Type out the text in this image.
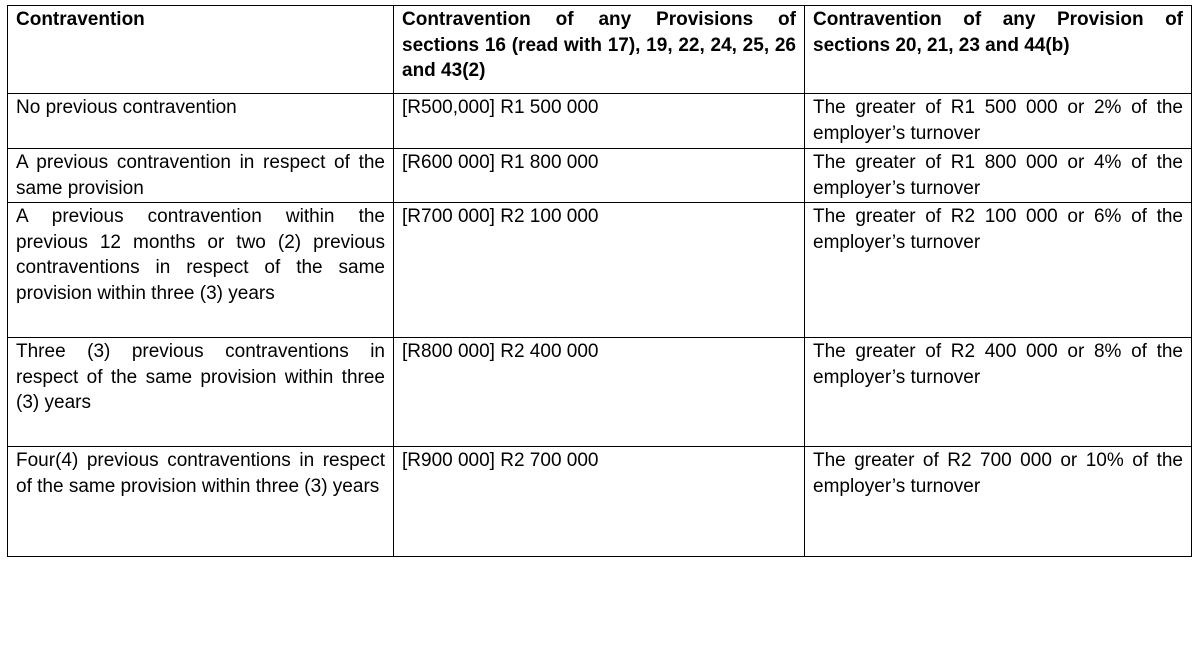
Contravention	Contravention of any Provisions of sections 16 (read with 17), 19, 22, 24, 25, 26 and 43(2)	Contravention of any Provision of sections 20, 21, 23 and 44(b)
No previous contravention	[R500,000] R1 500 000	The greater of R1 500 000 or 2% of the employer’s turnover
A previous contravention in respect of the same provision	[R600 000] R1 800 000	The greater of R1 800 000 or 4% of the employer’s turnover
A previous contravention within the previous 12 months or two (2) previous contraventions in respect of the same provision within three (3) years	[R700 000] R2 100 000	The greater of R2 100 000 or 6% of the employer’s turnover
Three (3) previous contraventions in respect of the same provision within three (3) years	[R800 000] R2 400 000	The greater of R2 400 000 or 8% of the employer’s turnover
Four(4) previous contraventions in respect of the same provision within three (3) years	[R900 000] R2 700 000	The greater of R2 700 000 or 10% of the employer’s turnover
